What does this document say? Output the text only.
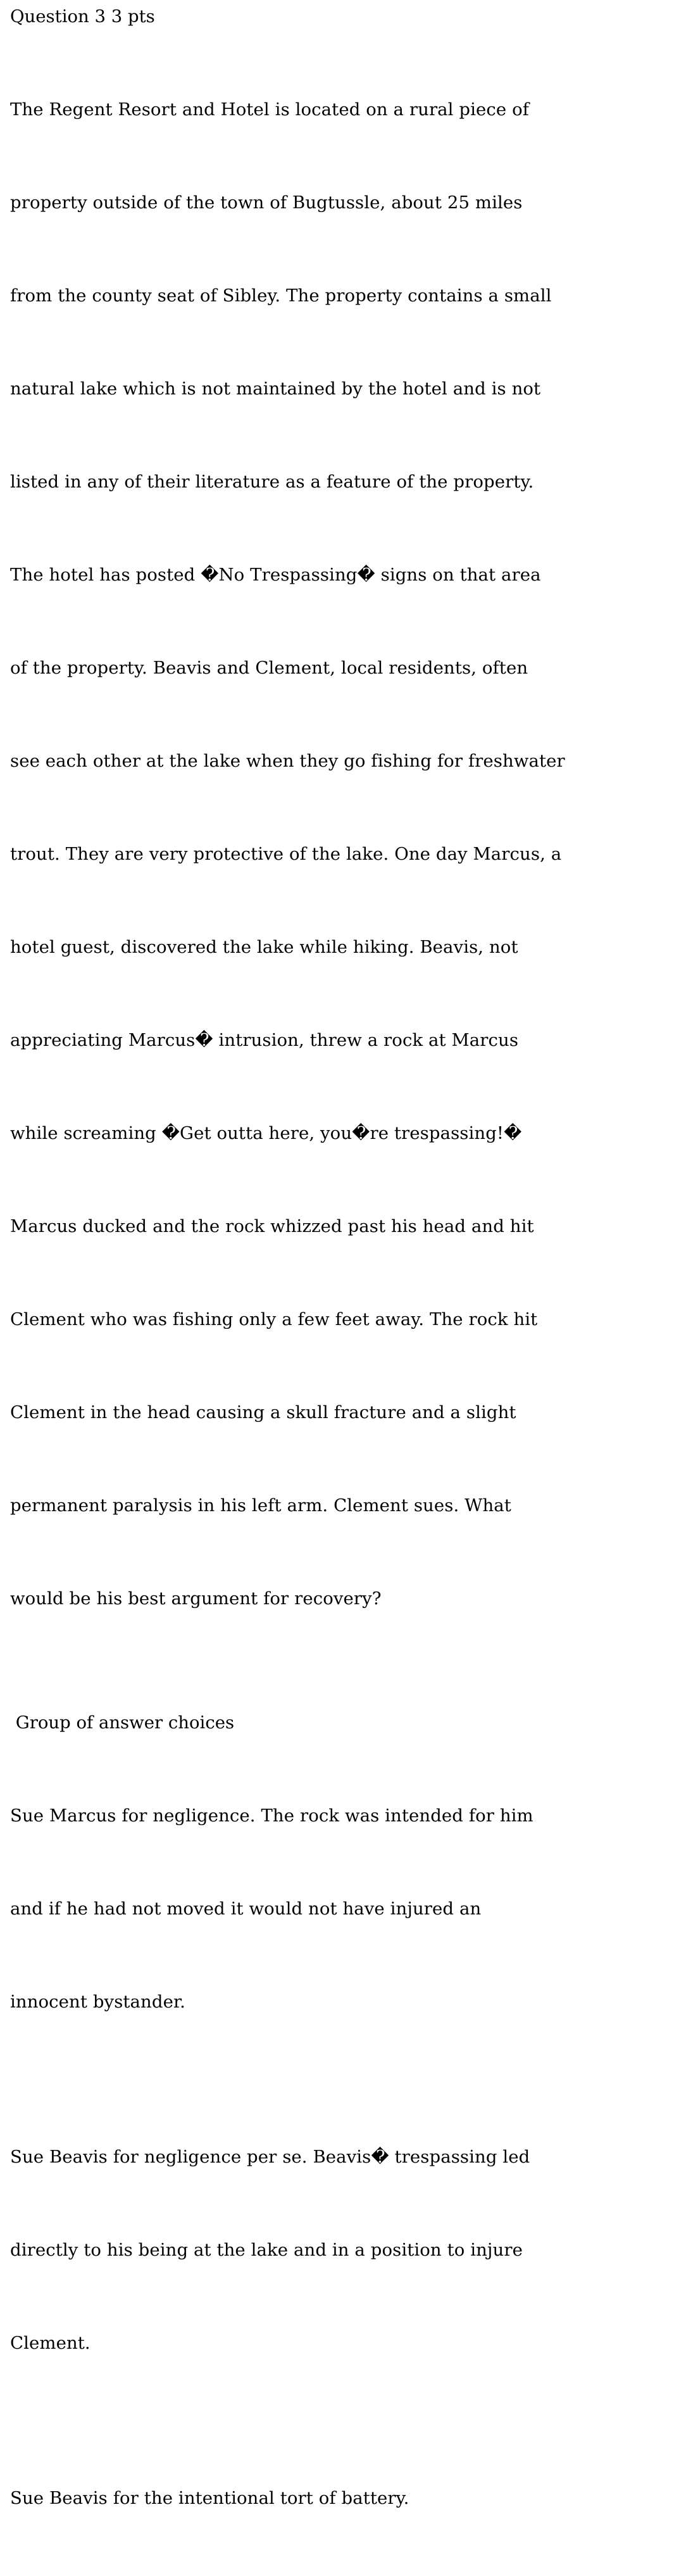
Question 3 3 pts

The Regent Resort and Hotel is located on a rural piece of

property outside of the town of Bugtussle, about 25 miles

from the county seat of Sibley. The property contains a small

natural lake which is not maintained by the hotel and is not

listed in any of their literature as a feature of the property.

The hotel has posted �No Trespassing� signs on that area

of the property. Beavis and Clement, local residents, often

see each other at the lake when they go fishing for freshwater

trout. They are very protective of the lake. One day Marcus, a

hotel guest, discovered the lake while hiking. Beavis, not

appreciating Marcus� intrusion, threw a rock at Marcus

while screaming �Get outta here, you�re trespassing!�

Marcus ducked and the rock whizzed past his head and hit

Clement who was fishing only a few feet away. The rock hit

Clement in the head causing a skull fracture and a slight

permanent paralysis in his left arm. Clement sues. What

would be his best argument for recovery?

Group of answer choices

Sue Marcus for negligence. The rock was intended for him

and if he had not moved it would not have injured an

innocent bystander.

Sue Beavis for negligence per se. Beavis� trespassing led

directly to his being at the lake and in a position to injure

Clement.

Sue Beavis for the intentional tort of battery.
